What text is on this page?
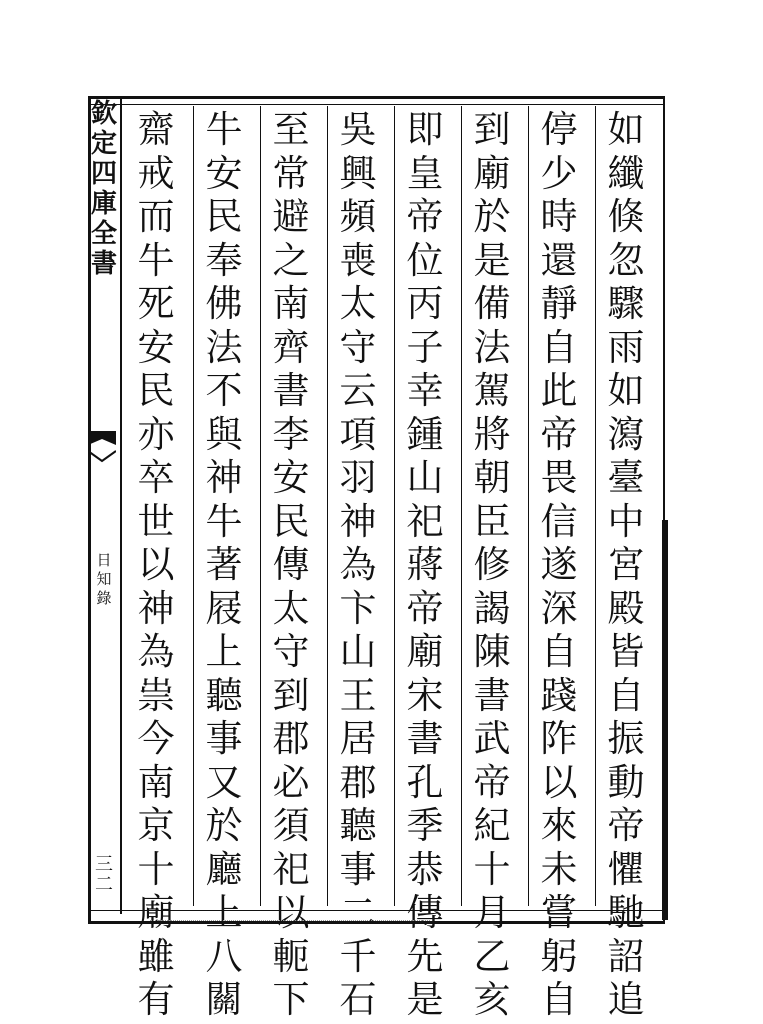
欽定四庫全書
日知錄
三二
如纖倏忽驟雨如瀉臺中宮殿皆自振動帝懼馳詔追
停少時還靜自此帝畏信遂深自踐阼以來未嘗躬自
到廟於是備法駕將朝臣修謁陳書武帝紀十月乙亥
即皇帝位丙子幸鍾山祀蔣帝廟宋書孔季恭傳先是
吳興頻喪太守云項羽神為卞山王居郡聽事二千石
至常避之南齊書李安民傳太守到郡必須祀以軛下
牛安民奉佛法不與神牛著屐上聽事又於廳上八關
齋戒而牛死安民亦卒世以神為祟今南京十廟雖有
